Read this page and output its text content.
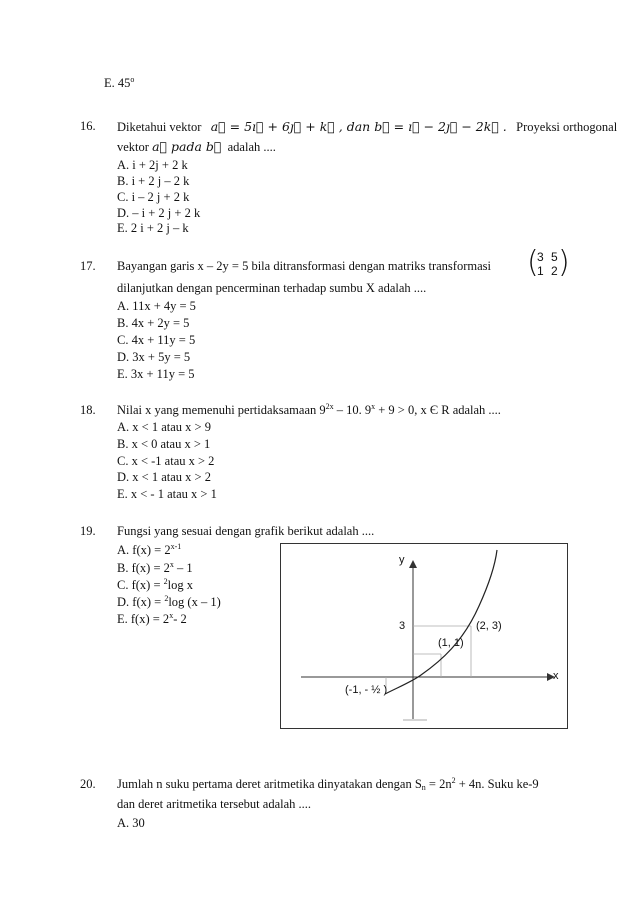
E. 45$^o$
16. Diketahui vektor a⃗ = 5ı⃗ + 6ȷ⃗ + k⃗ , dan b⃗ = ı⃗ − 2ȷ⃗ − 2k⃗ . Proyeksi orthogonal
vektor a⃗ pada b⃗ adalah ....
A. i + 2j + 2 k
B. i + 2 j – 2 k
C. i – 2 j + 2 k
D. – i + 2 j + 2 k
E. 2 i + 2 j – k
17. Bayangan garis x – 2y = 5 bila ditransformasi dengan matriks transformasi (
3 5
1 2 )
dilanjutkan dengan pencerminan terhadap sumbu X adalah ....
A. 11x + 4y = 5
B. 4x + 2y = 5
C. 4x + 11y = 5
D. 3x + 5y = 5
E. 3x + 11y = 5
18. Nilai x yang memenuhi pertidaksamaan $9^{2x} - 10$. $9^x + 9 > 0$, x Є R adalah ....
A. x < 1 atau x > 9
B. x < 0 atau x > 1
C. x < -1 atau x > 2
D. x < 1 atau x > 2
E. x < - 1 atau x > 1
19. Fungsi yang sesuai dengan grafik berikut adalah ....
A. $f(x) = 2^{x-1}$
B. $f(x) = 2^x - 1$
C. f(x) = $^2$log x
D. f(x) = $^2$log (x – 1)
E. $f(x) = 2^x-$ 2
y
x
3	(2, 3)
(1, 1)
(-1, - ½ )
20. Jumlah n suku pertama deret aritmetika dinyatakan dengan $S_n = 2n^2 + 4n$. Suku ke-9
dan deret aritmetika tersebut adalah ....
A. 30
